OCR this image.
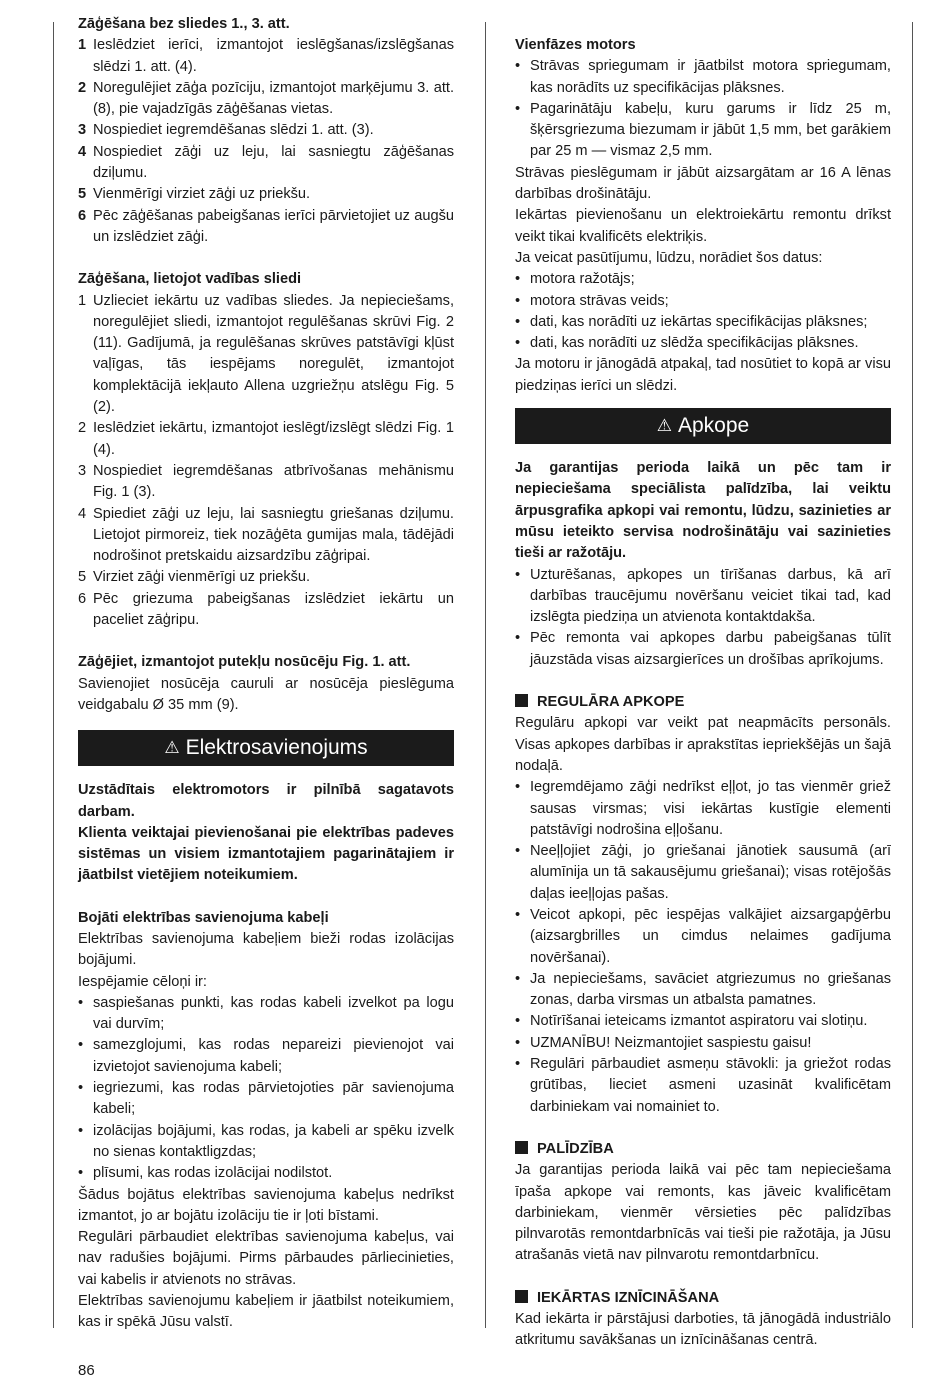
Zāģēšana bez sliedes 1., 3. att.
1 Ieslēdziet ierīci, izmantojot ieslēgšanas/izslēgšanas slēdzi 1. att. (4).
2 Noregulējiet zāģa pozīciju, izmantojot marķējumu 3. att. (8), pie vajadzīgās zāģēšanas vietas.
3 Nospiediet iegremdēšanas slēdzi 1. att. (3).
4 Nospiediet zāģi uz leju, lai sasniegtu zāģēšanas dziļumu.
5 Vienmērīgi virziet zāģi uz priekšu.
6 Pēc zāģēšanas pabeigšanas ierīci pārvietojiet uz augšu un izslēdziet zāģi.
Zāģēšana, lietojot vadības sliedi
1 Uzlieciet iekārtu uz vadības sliedes. Ja nepieciešams, noregulējiet sliedi, izmantojot regulēšanas skrūvi Fig. 2 (11). Gadījumā, ja regulēšanas skrūves patstāvīgi kļūst vaļīgas, tās iespējams noregulēt, izmantojot komplektācijā iekļauto Allena uzgriežņu atslēgu Fig. 5 (2).
2 Ieslēdziet iekārtu, izmantojot ieslēgt/izslēgt slēdzi Fig. 1 (4).
3 Nospiediet iegremdēšanas atbrīvošanas mehānismu Fig. 1 (3).
4 Spiediet zāģi uz leju, lai sasniegtu griešanas dziļumu. Lietojot pirmoreiz, tiek nozāģēta gumijas mala, tādējādi nodrošinot pretskaidu aizsardzību zāģripai.
5 Virziet zāģi vienmērīgi uz priekšu.
6 Pēc griezuma pabeigšanas izslēdziet iekārtu un paceliet zāģripu.
Zāģējiet, izmantojot putekļu nosūcēju Fig. 1. att.

Savienojiet nosūcēja cauruli ar nosūcēja pieslēguma veidgabalu Ø 35 mm (9).

⚠ Elektrosavienojums

Uzstādītais elektromotors ir pilnībā sagatavots darbam.

Klienta veiktajai pievienošanai pie elektrības padeves sistēmas un visiem izmantotajiem pagarinātajiem ir jāatbilst vietējiem noteikumiem.

Bojāti elektrības savienojuma kabeļi

Elektrības savienojuma kabeļiem bieži rodas izolācijas bojājumi.

Iespējamie cēloņi ir:

• saspiešanas punkti, kas rodas kabeli izvelkot pa logu vai durvīm;
• samezglojumi, kas rodas nepareizi pievienojot vai izvietojot savienojuma kabeli;
• iegriezumi, kas rodas pārvietojoties pār savienojuma kabeli;
• izolācijas bojājumi, kas rodas, ja kabeli ar spēku izvelk no sienas kontaktligzdas;
• plīsumi, kas rodas izolācijai nodilstot.

Šādus bojātus elektrības savienojuma kabeļus nedrīkst izmantot, jo ar bojātu izolāciju tie ir ļoti bīstami.

Regulāri pārbaudiet elektrības savienojuma kabeļus, vai nav radušies bojājumi. Pirms pārbaudes pārliecinieties, vai kabelis ir atvienots no strāvas.

Elektrības savienojumu kabeļiem ir jāatbilst noteikumiem, kas ir spēkā Jūsu valstī.

Vienfāzes motors
• Strāvas spriegumam ir jāatbilst motora spriegumam, kas norādīts uz specifikācijas plāksnes.
• Pagarinātāju kabeļu, kuru garums ir līdz 25 m, šķērsgriezuma biezumam ir jābūt 1,5 mm, bet garākiem par 25 m — vismaz 2,5 mm.

Strāvas pieslēgumam ir jābūt aizsargātam ar 16 A lēnas darbības drošinātāju.

Iekārtas pievienošanu un elektroiekārtu remontu drīkst veikt tikai kvalificēts elektriķis.

Ja veicat pasūtījumu, lūdzu, norādiet šos datus:

• motora ražotājs;
• motora strāvas veids;
• dati, kas norādīti uz iekārtas specifikācijas plāksnes;
• dati, kas norādīti uz slēdža specifikācijas plāksnes.

Ja motoru ir jānogādā atpakaļ, tad nosūtiet to kopā ar visu piedziņas ierīci un slēdzi.

⚠ Apkope

Ja garantijas perioda laikā un pēc tam ir nepieciešama speciālista palīdzība, lai veiktu ārpusgrafika apkopi vai remontu, lūdzu, sazinieties ar mūsu ieteikto servisa nodrošinātāju vai sazinieties tieši ar ražotāju.

• Uzturēšanas, apkopes un tīrīšanas darbus, kā arī darbības traucējumu novēršanu veiciet tikai tad, kad izslēgta piedziņa un atvienota kontaktdakša.
• Pēc remonta vai apkopes darbu pabeigšanas tūlīt jāuzstāda visas aizsargierīces un drošības aprīkojums.
REGULĀRA APKOPE

Regulāru apkopi var veikt pat neapmācīts personāls. Visas apkopes darbības ir aprakstītas iepriekšējās un šajā nodaļā.

• Iegremdējamo zāģi nedrīkst eļļot, jo tas vienmēr griež sausas virsmas; visi iekārtas kustīgie elementi patstāvīgi nodrošina eļļošanu.
• Neeļļojiet zāģi, jo griešanai jānotiek sausumā (arī alumīnija un tā sakausējumu griešanai); visas rotējošās daļas ieeļļojas pašas.
• Veicot apkopi, pēc iespējas valkājiet aizsargapģērbu (aizsargbrilles un cimdus nelaimes gadījuma novēršanai).
• Ja nepieciešams, savāciet atgriezumus no griešanas zonas, darba virsmas un atbalsta pamatnes.
• Notīrīšanai ieteicams izmantot aspiratoru vai slotiņu.
• UZMANĪBU! Neizmantojiet saspiestu gaisu!
• Regulāri pārbaudiet asmeņu stāvokli: ja griežot rodas grūtības, lieciet asmeni uzasināt kvalificētam darbiniekam vai nomainiet to.
PALĪDZĪBA

Ja garantijas perioda laikā vai pēc tam nepieciešama īpaša apkope vai remonts, kas jāveic kvalificētam darbiniekam, vienmēr vērsieties pēc palīdzības pilnvarotās remontdarbnīcās vai tieši pie ražotāja, ja Jūsu atrašanās vietā nav pilnvarotu remontdarbnīcu.

IEKĀRTAS IZNĪCINĀŠANA

Kad iekārta ir pārstājusi darboties, tā jānogādā industriālo atkritumu savākšanas un iznīcināšanas centrā.

86
